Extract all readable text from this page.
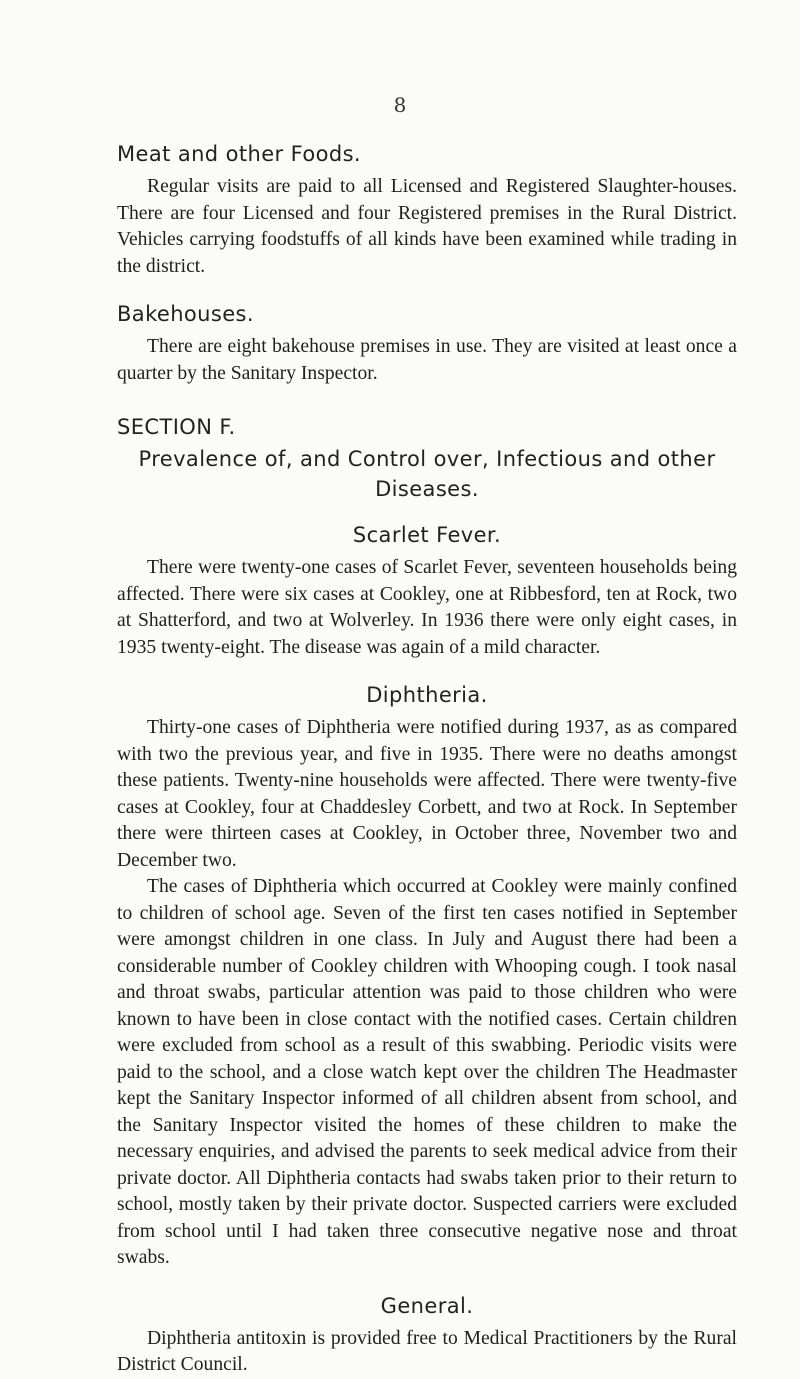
8
Meat and other Foods.

Regular visits are paid to all Licensed and Registered Slaughter-houses. There are four Licensed and four Registered premises in the Rural District. Vehicles carrying foodstuffs of all kinds have been examined while trading in the district.

Bakehouses.

There are eight bakehouse premises in use. They are visited at least once a quarter by the Sanitary Inspector.

SECTION F.
Prevalence of, and Control over, Infectious and other
Diseases.
Scarlet Fever.

There were twenty-one cases of Scarlet Fever, seventeen households being affected. There were six cases at Cookley, one at Ribbesford, ten at Rock, two at Shatterford, and two at Wolverley. In 1936 there were only eight cases, in 1935 twenty-eight. The disease was again of a mild character.

Diphtheria.

Thirty-one cases of Diphtheria were notified during 1937, as as compared with two the previous year, and five in 1935. There were no deaths amongst these patients. Twenty-nine households were affected. There were twenty-five cases at Cookley, four at Chaddesley Corbett, and two at Rock. In September there were thirteen cases at Cookley, in October three, November two and December two.

The cases of Diphtheria which occurred at Cookley were mainly confined to children of school age. Seven of the first ten cases notified in September were amongst children in one class. In July and August there had been a considerable number of Cookley children with Whooping cough. I took nasal and throat swabs, particular attention was paid to those children who were known to have been in close contact with the notified cases. Certain children were excluded from school as a result of this swabbing. Periodic visits were paid to the school, and a close watch kept over the children The Headmaster kept the Sanitary Inspector informed of all children absent from school, and the Sanitary Inspector visited the homes of these children to make the necessary enquiries, and advised the parents to seek medical advice from their private doctor. All Diphtheria contacts had swabs taken prior to their return to school, mostly taken by their private doctor. Suspected carriers were excluded from school until I had taken three consecutive negative nose and throat swabs.

General.

Diphtheria antitoxin is provided free to Medical Practitioners by the Rural District Council.
